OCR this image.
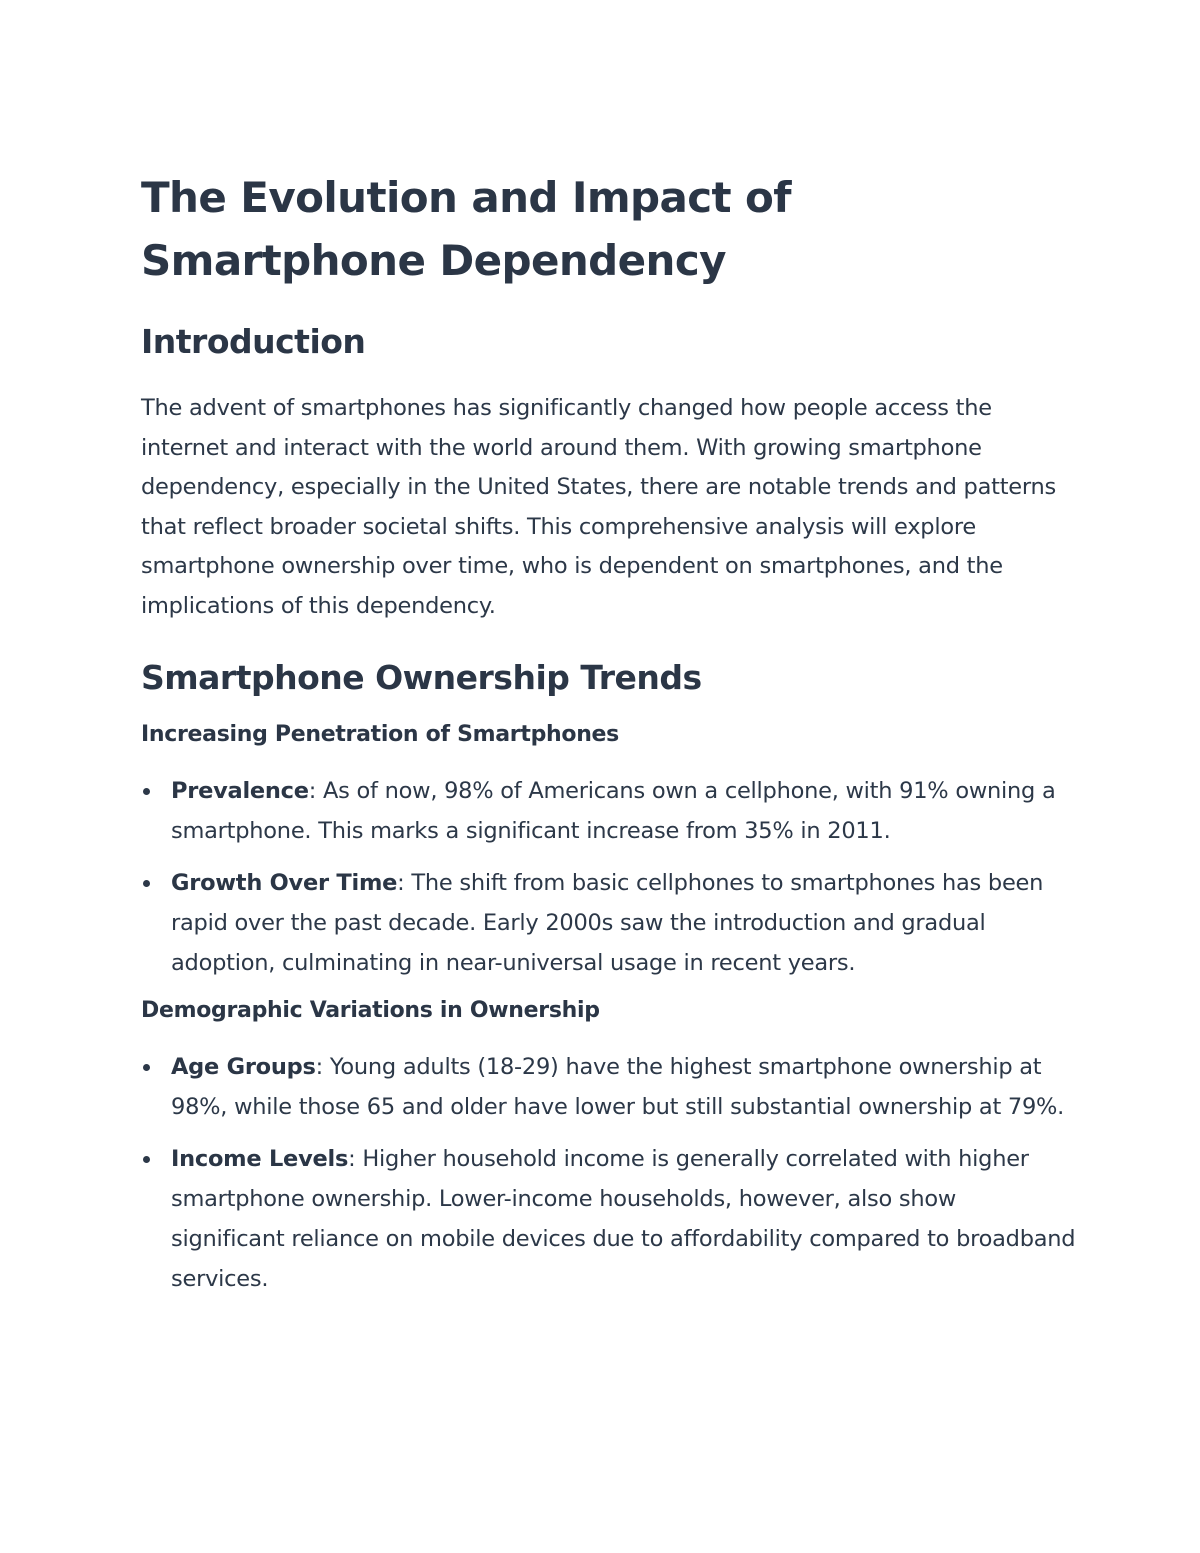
The Evolution and Impact of Smartphone Dependency
Introduction

The advent of smartphones has significantly changed how people access the internet and interact with the world around them. With growing smartphone dependency, especially in the United States, there are notable trends and patterns that reflect broader societal shifts. This comprehensive analysis will explore smartphone ownership over time, who is dependent on smartphones, and the implications of this dependency.

Smartphone Ownership Trends
Increasing Penetration of Smartphones
Prevalence: As of now, 98% of Americans own a cellphone, with 91% owning a smartphone. This marks a significant increase from 35% in 2011.
Growth Over Time: The shift from basic cellphones to smartphones has been rapid over the past decade. Early 2000s saw the introduction and gradual adoption, culminating in near-universal usage in recent years.
Demographic Variations in Ownership
Age Groups: Young adults (18-29) have the highest smartphone ownership at 98%, while those 65 and older have lower but still substantial ownership at 79%.
Income Levels: Higher household income is generally correlated with higher smartphone ownership. Lower-income households, however, also show significant reliance on mobile devices due to affordability compared to broadband services.
